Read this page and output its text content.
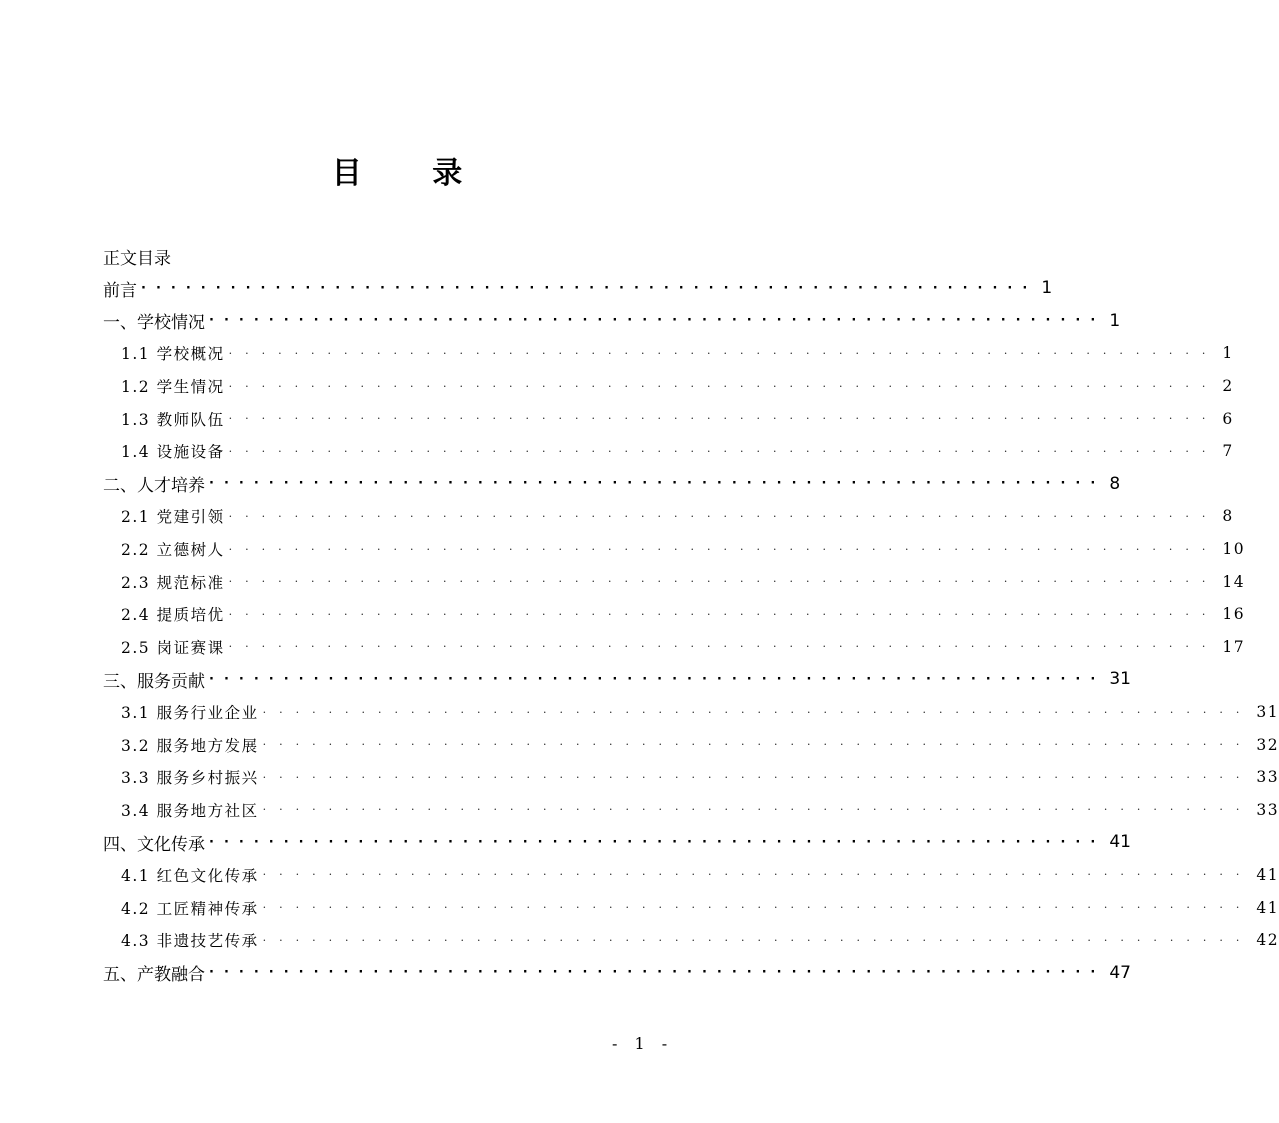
目 录
正文目录
前言 ···························································· 1
一、学校情况 ···························································· 1
1.1 学校概况 ···························································· 1
1.2 学生情况 ···························································· 2
1.3 教师队伍 ···························································· 6
1.4 设施设备 ···························································· 7
二、人才培养 ···························································· 8
2.1 党建引领 ···························································· 8
2.2 立德树人 ···························································· 10
2.3 规范标准 ···························································· 14
2.4 提质培优 ···························································· 16
2.5 岗证赛课 ···························································· 17
三、服务贡献 ···························································· 31
3.1 服务行业企业 ···························································· 31
3.2 服务地方发展 ···························································· 32
3.3 服务乡村振兴 ···························································· 33
3.4 服务地方社区 ···························································· 33
四、文化传承 ···························································· 41
4.1 红色文化传承 ···························································· 41
4.2 工匠精神传承 ···························································· 41
4.3 非遗技艺传承 ···························································· 42
五、产教融合 ···························································· 47
- 1 -
